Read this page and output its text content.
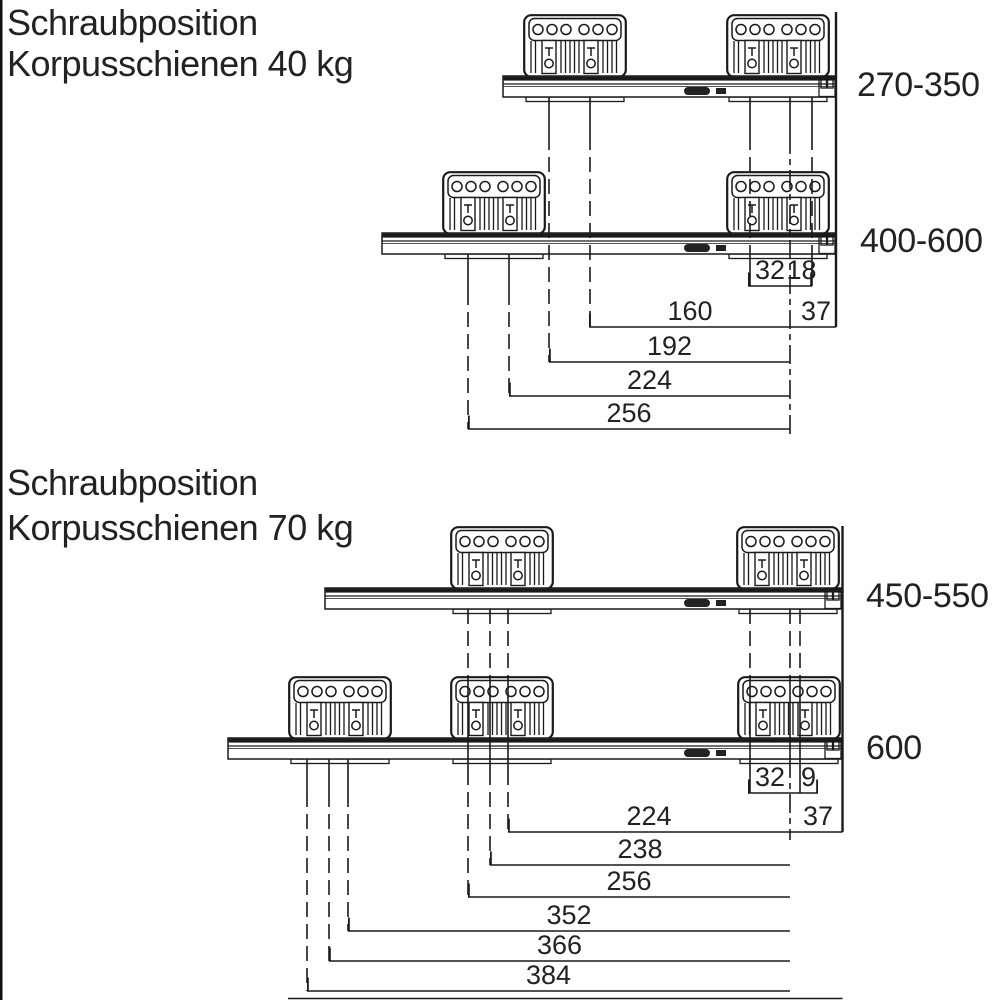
270-350
400-600
32 18
160	37
192
224
256
Schraubposition
Korpusschienen 40 kg
450-550
600
32 9
224	37
238
256
352
366
384
Schraubposition
Korpusschienen 70 kg
